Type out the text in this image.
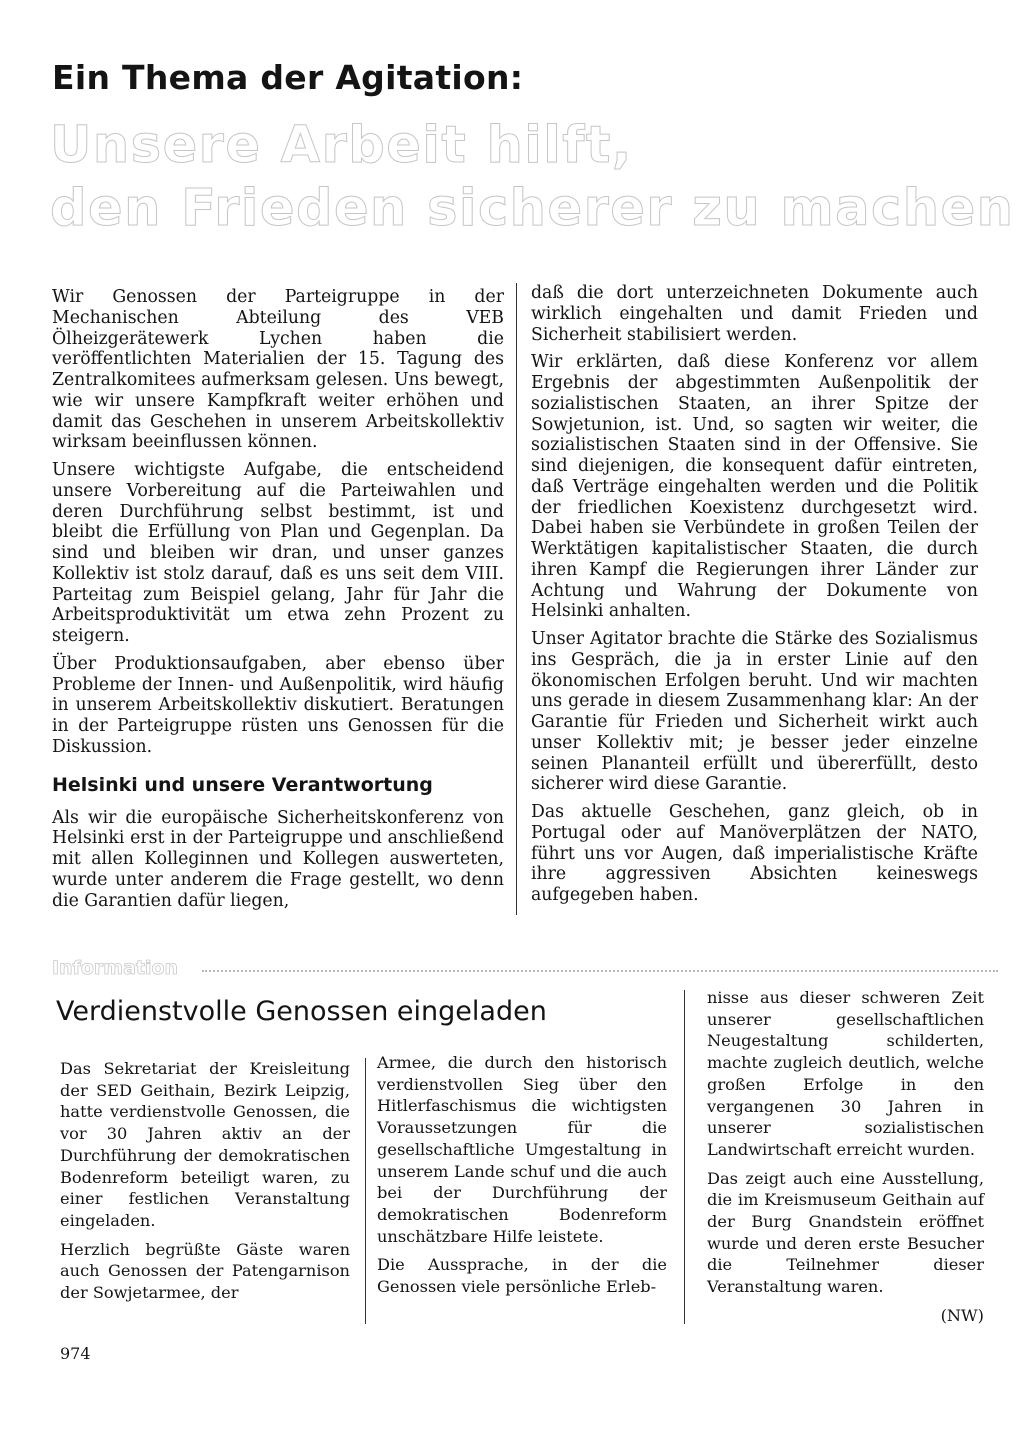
Ein Thema der Agitation:
Unsere Arbeit hilft,
den Frieden sicherer zu machen

Wir Genossen der Parteigruppe in der Mechanischen Abteilung des VEB Ölheizgerätewerk Lychen haben die veröffentlichten Materialien der 15. Tagung des Zentralkomitees aufmerksam gelesen. Uns bewegt, wie wir unsere Kampfkraft weiter erhöhen und damit das Geschehen in unserem Arbeitskollektiv wirksam beeinflussen können.

Unsere wichtigste Aufgabe, die entscheidend unsere Vorbereitung auf die Parteiwahlen und deren Durchführung selbst bestimmt, ist und bleibt die Erfüllung von Plan und Gegenplan. Da sind und bleiben wir dran, und unser ganzes Kollektiv ist stolz darauf, daß es uns seit dem VIII. Parteitag zum Beispiel gelang, Jahr für Jahr die Arbeitsproduktivität um etwa zehn Prozent zu steigern.

Über Produktionsaufgaben, aber ebenso über Probleme der Innen- und Außenpolitik, wird häufig in unserem Arbeitskollektiv diskutiert. Beratungen in der Parteigruppe rüsten uns Genossen für die Diskussion.

Helsinki und unsere Verantwortung

Als wir die europäische Sicherheitskonferenz von Helsinki erst in der Parteigruppe und anschließend mit allen Kolleginnen und Kollegen auswerteten, wurde unter anderem die Frage gestellt, wo denn die Garantien dafür liegen,

daß die dort unterzeichneten Dokumente auch wirklich eingehalten und damit Frieden und Sicherheit stabilisiert werden.

Wir erklärten, daß diese Konferenz vor allem Ergebnis der abgestimmten Außenpolitik der sozialistischen Staaten, an ihrer Spitze der Sowjetunion, ist. Und, so sagten wir weiter, die sozialistischen Staaten sind in der Offensive. Sie sind diejenigen, die konsequent dafür eintreten, daß Verträge eingehalten werden und die Politik der friedlichen Koexistenz durchgesetzt wird. Dabei haben sie Verbündete in großen Teilen der Werktätigen kapitalistischer Staaten, die durch ihren Kampf die Regierungen ihrer Länder zur Achtung und Wahrung der Dokumente von Helsinki anhalten.

Unser Agitator brachte die Stärke des Sozialismus ins Gespräch, die ja in erster Linie auf den ökonomischen Erfolgen beruht. Und wir machten uns gerade in diesem Zusammenhang klar: An der Garantie für Frieden und Sicherheit wirkt auch unser Kollektiv mit; je besser jeder einzelne seinen Plananteil erfüllt und übererfüllt, desto sicherer wird diese Garantie.

Das aktuelle Geschehen, ganz gleich, ob in Portugal oder auf Manöverplätzen der NATO, führt uns vor Augen, daß imperialistische Kräfte ihre aggressiven Absichten keineswegs aufgegeben haben.

Information
Verdienstvolle Genossen eingeladen

Das Sekretariat der Kreisleitung der SED Geithain, Bezirk Leipzig, hatte verdienstvolle Genossen, die vor 30 Jahren aktiv an der Durchführung der demokratischen Bodenreform beteiligt waren, zu einer festlichen Veranstaltung eingeladen.

Herzlich begrüßte Gäste waren auch Genossen der Patengarnison der Sowjetarmee, der

Armee, die durch den historisch verdienstvollen Sieg über den Hitlerfaschismus die wichtigsten Voraussetzungen für die gesellschaftliche Umgestaltung in unserem Lande schuf und die auch bei der Durchführung der demokratischen Bodenreform unschätzbare Hilfe leistete.

Die Aussprache, in der die Genossen viele persönliche Erleb-

nisse aus dieser schweren Zeit unserer gesellschaftlichen Neugestaltung schilderten, machte zugleich deutlich, welche großen Erfolge in den vergangenen 30 Jahren in unserer sozialistischen Landwirtschaft erreicht wurden.

Das zeigt auch eine Ausstellung, die im Kreismuseum Geithain auf der Burg Gnandstein eröffnet wurde und deren erste Besucher die Teilnehmer dieser Veranstaltung waren.

(NW)
974
